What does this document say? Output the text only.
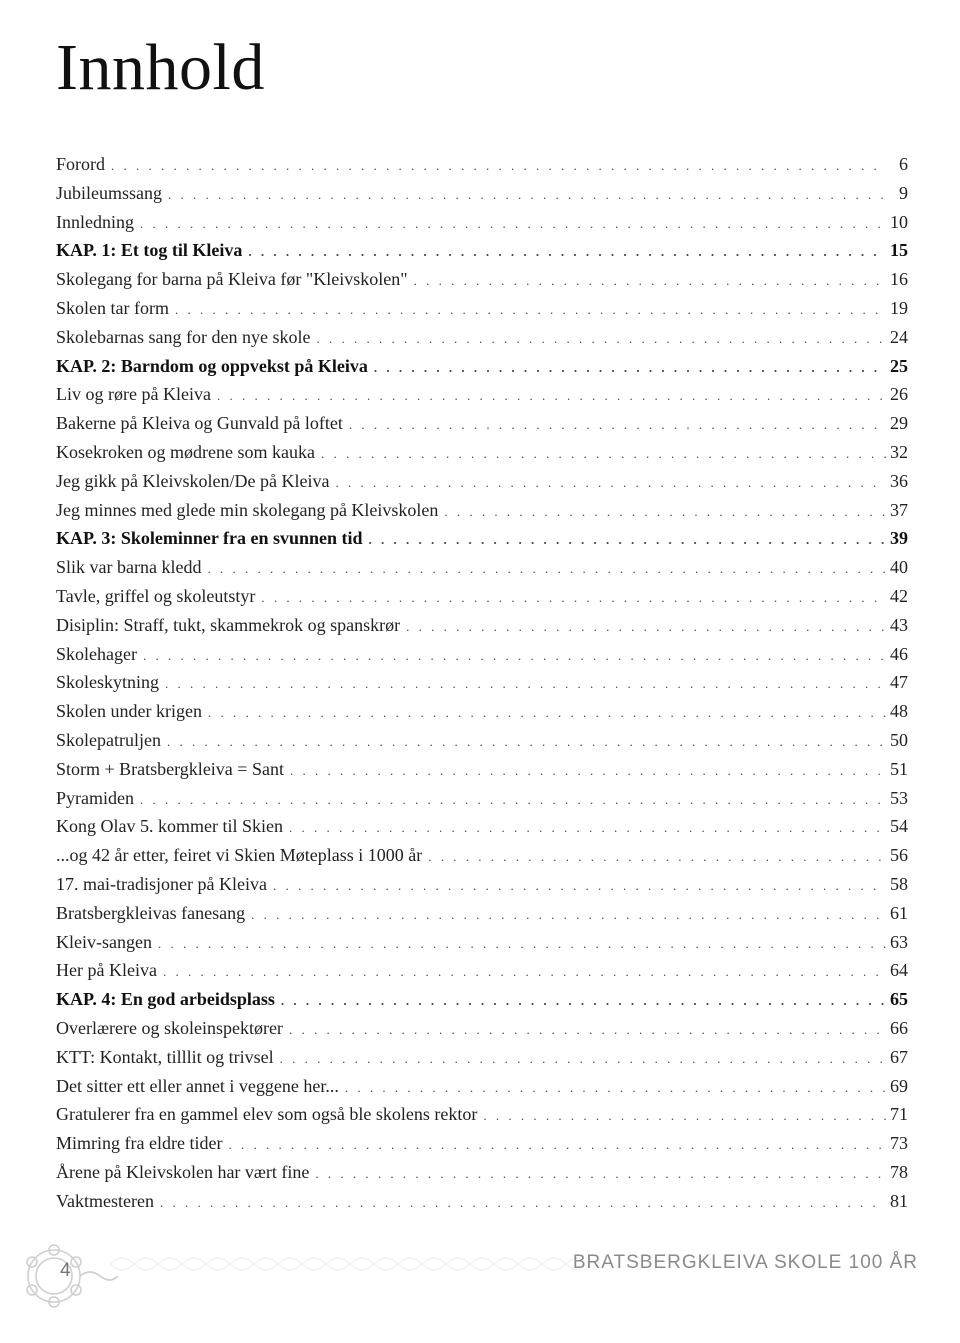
Innhold
Forord . . .	6
Jubileumssang . . .	9
Innledning . . .	10
KAP. 1: Et tog til Kleiva . . .	15
Skolegang for barna på Kleiva før "Kleivskolen" . . .	16
Skolen tar form . . .	19
Skolebarnas sang for den nye skole . . .	24
KAP. 2: Barndom og oppvekst på Kleiva . . .	25
Liv og røre på Kleiva . . .	26
Bakerne på Kleiva og Gunvald på loftet . . .	29
Kosekroken og mødrene som kauka . . .	32
Jeg gikk på Kleivskolen/De på Kleiva . . .	36
Jeg minnes med glede min skolegang på Kleivskolen . . .	37
KAP. 3: Skoleminner fra en svunnen tid . . .	39
Slik var barna kledd . . .	40
Tavle, griffel og skoleutstyr . . .	42
Disiplin: Straff, tukt, skammekrok og spanskrør . . .	43
Skolehager . . .	46
Skoleskytning . . .	47
Skolen under krigen . . .	48
Skolepatruljen . . .	50
Storm + Bratsbergkleiva = Sant . . .	51
Pyramiden . . .	53
Kong Olav 5. kommer til Skien . . .	54
...og 42 år etter, feiret vi Skien Møteplass i 1000 år . . .	56
17. mai-tradisjoner på Kleiva . . .	58
Bratsbergkleivas fanesang . . .	61
Kleiv-sangen . . .	63
Her på Kleiva . . .	64
KAP. 4: En god arbeidsplass . . .	65
Overlærere og skoleinspektører . . .	66
KTT: Kontakt, tilllit og trivsel . . .	67
Det sitter ett eller annet i veggene her... . . .	69
Gratulerer fra en gammel elev som også ble skolens rektor . . .	71
Mimring fra eldre tider . . .	73
Årene på Kleivskolen har vært fine . . .	78
Vaktmesteren . . .	81
4	BRATSBERGKLEIVA SKOLE 100 ÅR
